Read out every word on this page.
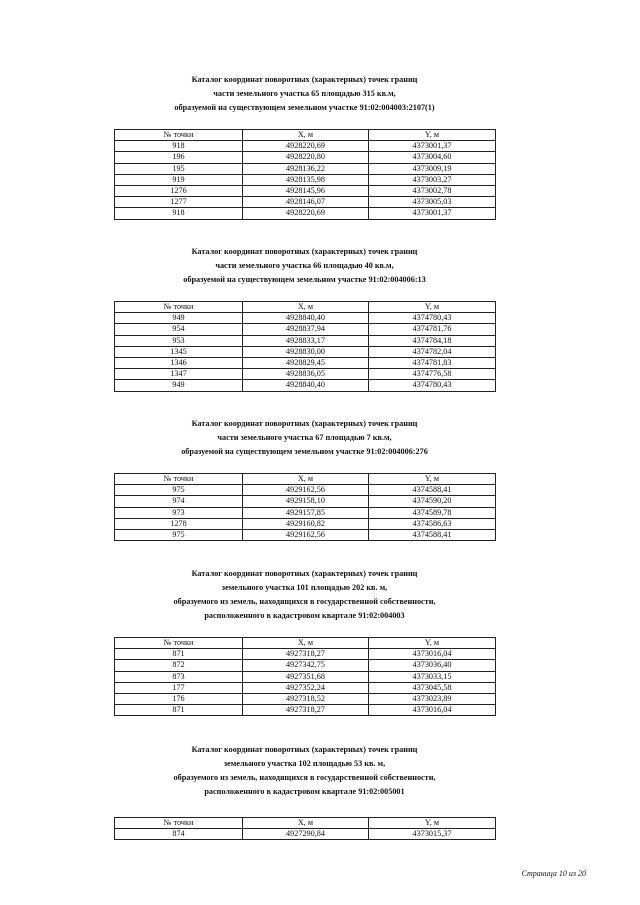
Каталог координат поворотных (характерных) точек границ

части земельного участка 65 площадью 315 кв.м,

образуемой на существующем земельном участке 91:02:004003:2107(1)

№ точки	X, м	Y, м
918	4928220,69	4373001,37
196	4928220,80	4373004,60
195	4928136,22	4373009,19
919	4928135,98	4373003,27
1276	4928145,96	4373002,78
1277	4928146,07	4373005,03
918	4928220,69	4373001,37

Каталог координат поворотных (характерных) точек границ

части земельного участка 66 площадью 40 кв.м,

образуемой на существующем земельном участке 91:02:004006:13

№ точки	X, м	Y, м
949	4928840,40	4374780,43
954	4928837,94	4374781,76
953	4928833,17	4374784,18
1345	4928830,00	4374782,04
1346	4928829,45	4374781,83
1347	4928836,05	4374776,58
949	4928840,40	4374780,43

Каталог координат поворотных (характерных) точек границ

части земельного участка 67 площадью 7 кв.м,

образуемой на существующем земельном участке 91:02:004006:276

№ точки	X, м	Y, м
975	4929162,56	4374588,41
974	4929158,10	4374590,20
973	4929157,85	4374589,78
1278	4929160,82	4374586,63
975	4929162,56	4374588,41

Каталог координат поворотных (характерных) точек границ

земельного участка 101 площадью 202 кв. м,

образуемого из земель, находящихся в государственной собственности,

расположенного в кадастровом квартале 91:02:004003

№ точки	X, м	Y, м
871	4927318,27	4373016,04
872	4927342,75	4373036,40
873	4927351,68	4373033,15
177	4927352,24	4373045,58
176	4927318,52	4373023,89
871	4927318,27	4373016,04

Каталог координат поворотных (характерных) точек границ

земельного участка 102 площадью 53 кв. м,

образуемого из земель, находящихся в государственной собственности,

расположенного в кадастровом квартале 91:02:005001

№ точки	X, м	Y, м
874	4927290,84	4373015,37
Страница 10 из 20
